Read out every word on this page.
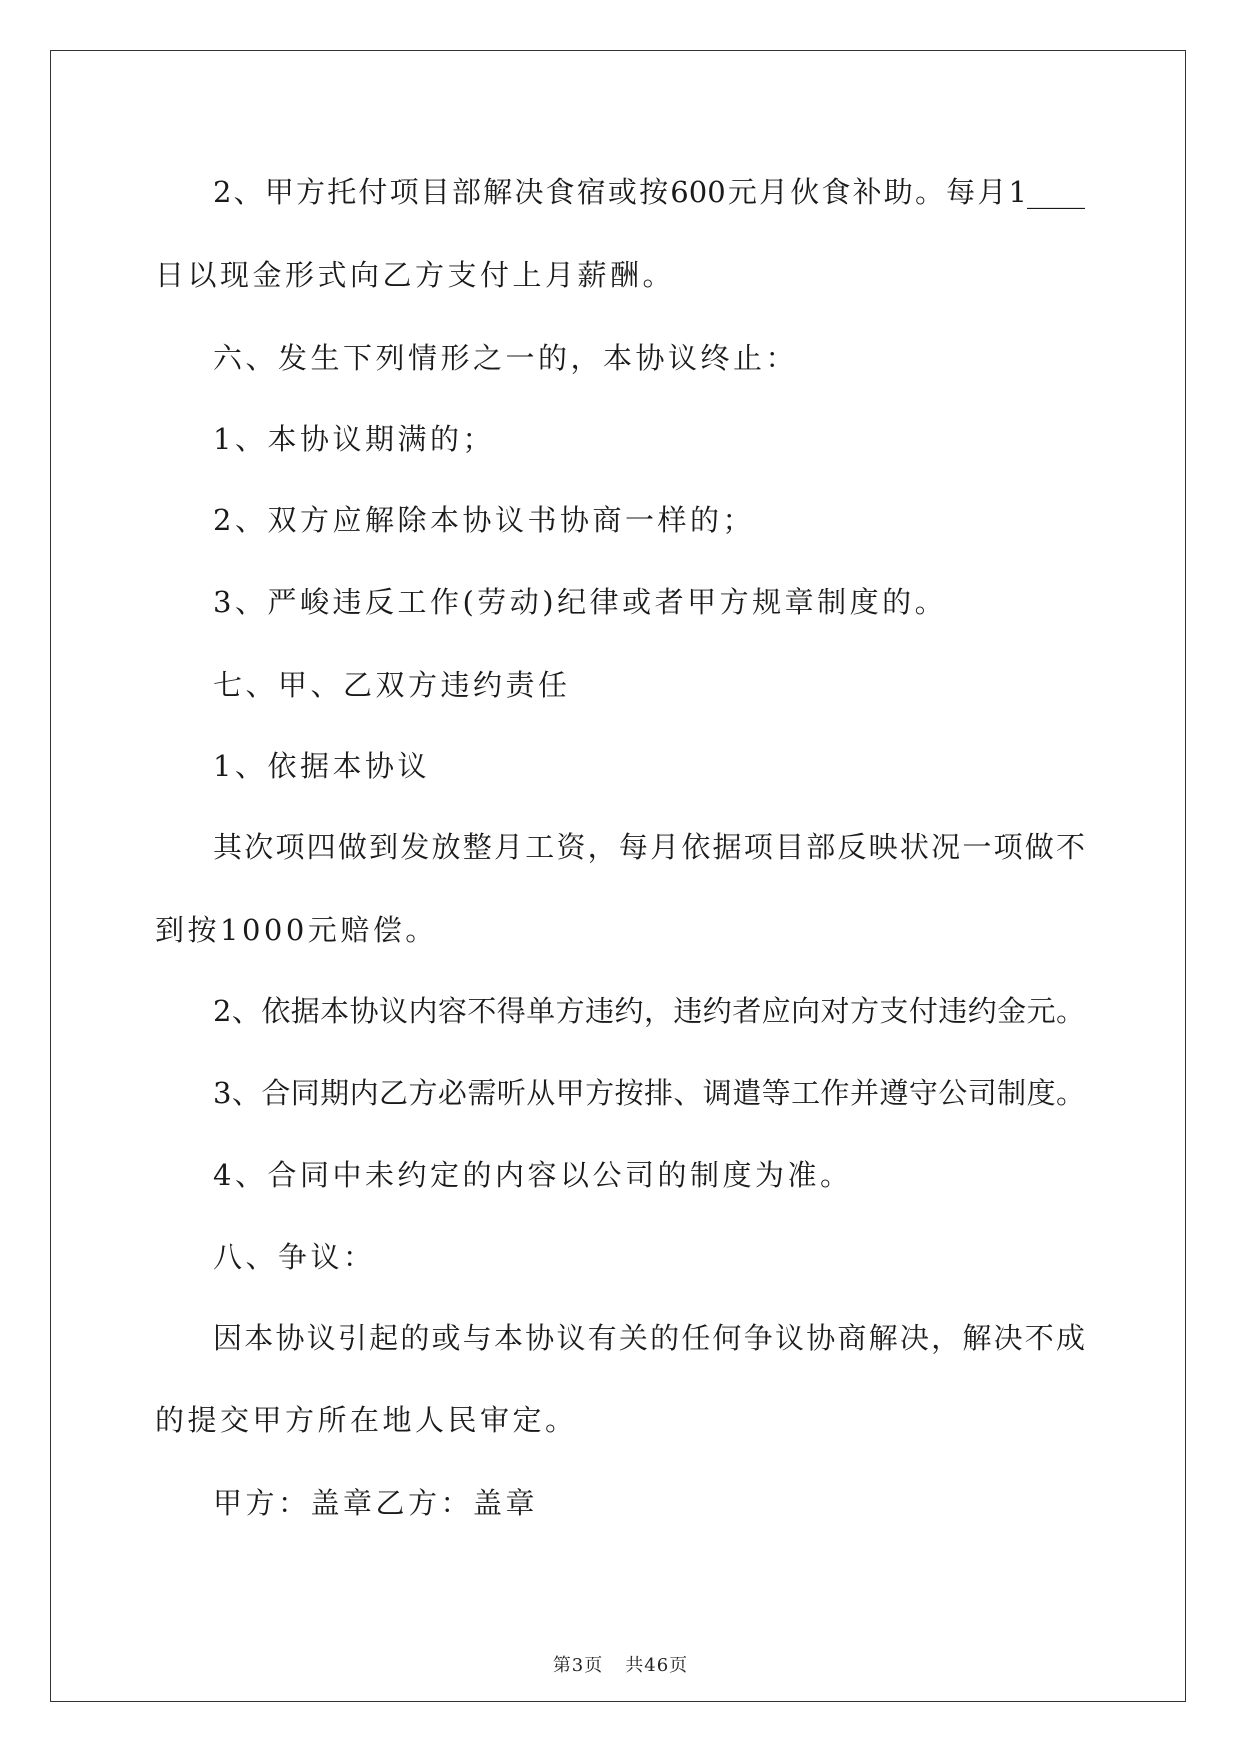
2、甲方托付项目部解决食宿或按600元月伙食补助。每月1____
日以现金形式向乙方支付上月薪酬。
六、发生下列情形之一的，本协议终止：
1、本协议期满的；
2、双方应解除本协议书协商一样的；
3、严峻违反工作(劳动)纪律或者甲方规章制度的。
七、甲、乙双方违约责任
1、依据本协议
其次项四做到发放整月工资，每月依据项目部反映状况一项做不
到按1000元赔偿。
2、依据本协议内容不得单方违约，违约者应向对方支付违约金元。
3、合同期内乙方必需听从甲方按排、调遣等工作并遵守公司制度。
4、合同中未约定的内容以公司的制度为准。
八、争议：
因本协议引起的或与本协议有关的任何争议协商解决，解决不成
的提交甲方所在地人民审定。
甲方：盖章乙方：盖章
第3页 共46页
